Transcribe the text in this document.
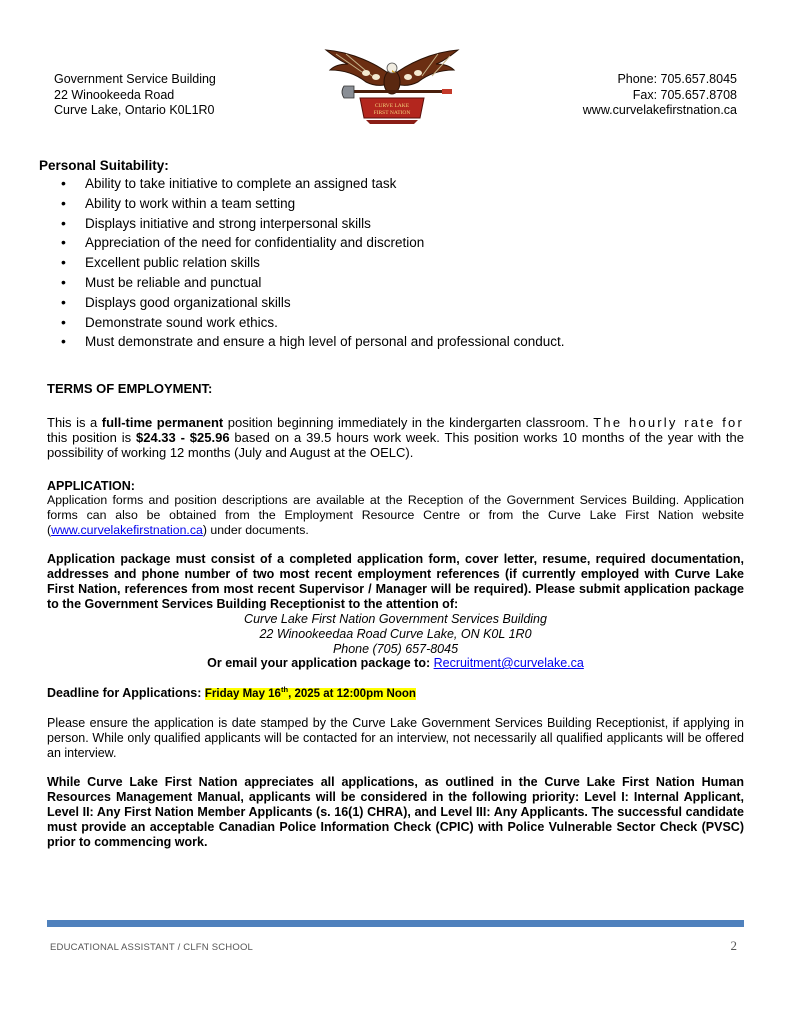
Government Service Building
22 Winookeeda Road
Curve Lake, Ontario K0L1R0	CURVE LAKE
FIRST NATION
Phone: 705.657.8045
Fax: 705.657.8708
www.curvelakefirstnation.ca
Personal Suitability:
• Ability to take initiative to complete an assigned task
• Ability to work within a team setting
• Displays initiative and strong interpersonal skills
• Appreciation of the need for confidentiality and discretion
• Excellent public relation skills
• Must be reliable and punctual
• Displays good organizational skills
• Demonstrate sound work ethics.
• Must demonstrate and ensure a high level of personal and professional conduct.
TERMS OF EMPLOYMENT:
This is a full-time permanent position beginning immediately in the kindergarten classroom. The hourly rate for this position is $24.33 - $25.96 based on a 39.5 hours work week. This position works 10 months of the year with the possibility of working 12 months (July and August at the OELC).
APPLICATION:
Application forms and position descriptions are available at the Reception of the Government Services Building. Application forms can also be obtained from the Employment Resource Centre or from the Curve Lake First Nation website (www.curvelakefirstnation.ca) under documents.
Application package must consist of a completed application form, cover letter, resume, required documentation, addresses and phone number of two most recent employment references (if currently employed with Curve Lake First Nation, references from most recent Supervisor / Manager will be required). Please submit application package to the Government Services Building Receptionist to the attention of:
Curve Lake First Nation Government Services Building
22 Winookeedaa Road Curve Lake, ON K0L 1R0
Phone (705) 657-8045
Or email your application package to: Recruitment@curvelake.ca
Deadline for Applications: Friday May 16th, 2025 at 12:00pm Noon
Please ensure the application is date stamped by the Curve Lake Government Services Building Receptionist, if applying in person. While only qualified applicants will be contacted for an interview, not necessarily all qualified applicants will be offered an interview.
While Curve Lake First Nation appreciates all applications, as outlined in the Curve Lake First Nation Human Resources Management Manual, applicants will be considered in the following priority: Level I: Internal Applicant, Level II: Any First Nation Member Applicants (s. 16(1) CHRA), and Level III: Any Applicants. The successful candidate must provide an acceptable Canadian Police Information Check (CPIC) with Police Vulnerable Sector Check (PVSC) prior to commencing work.
EDUCATIONAL ASSISTANT / CLFN SCHOOL	2
